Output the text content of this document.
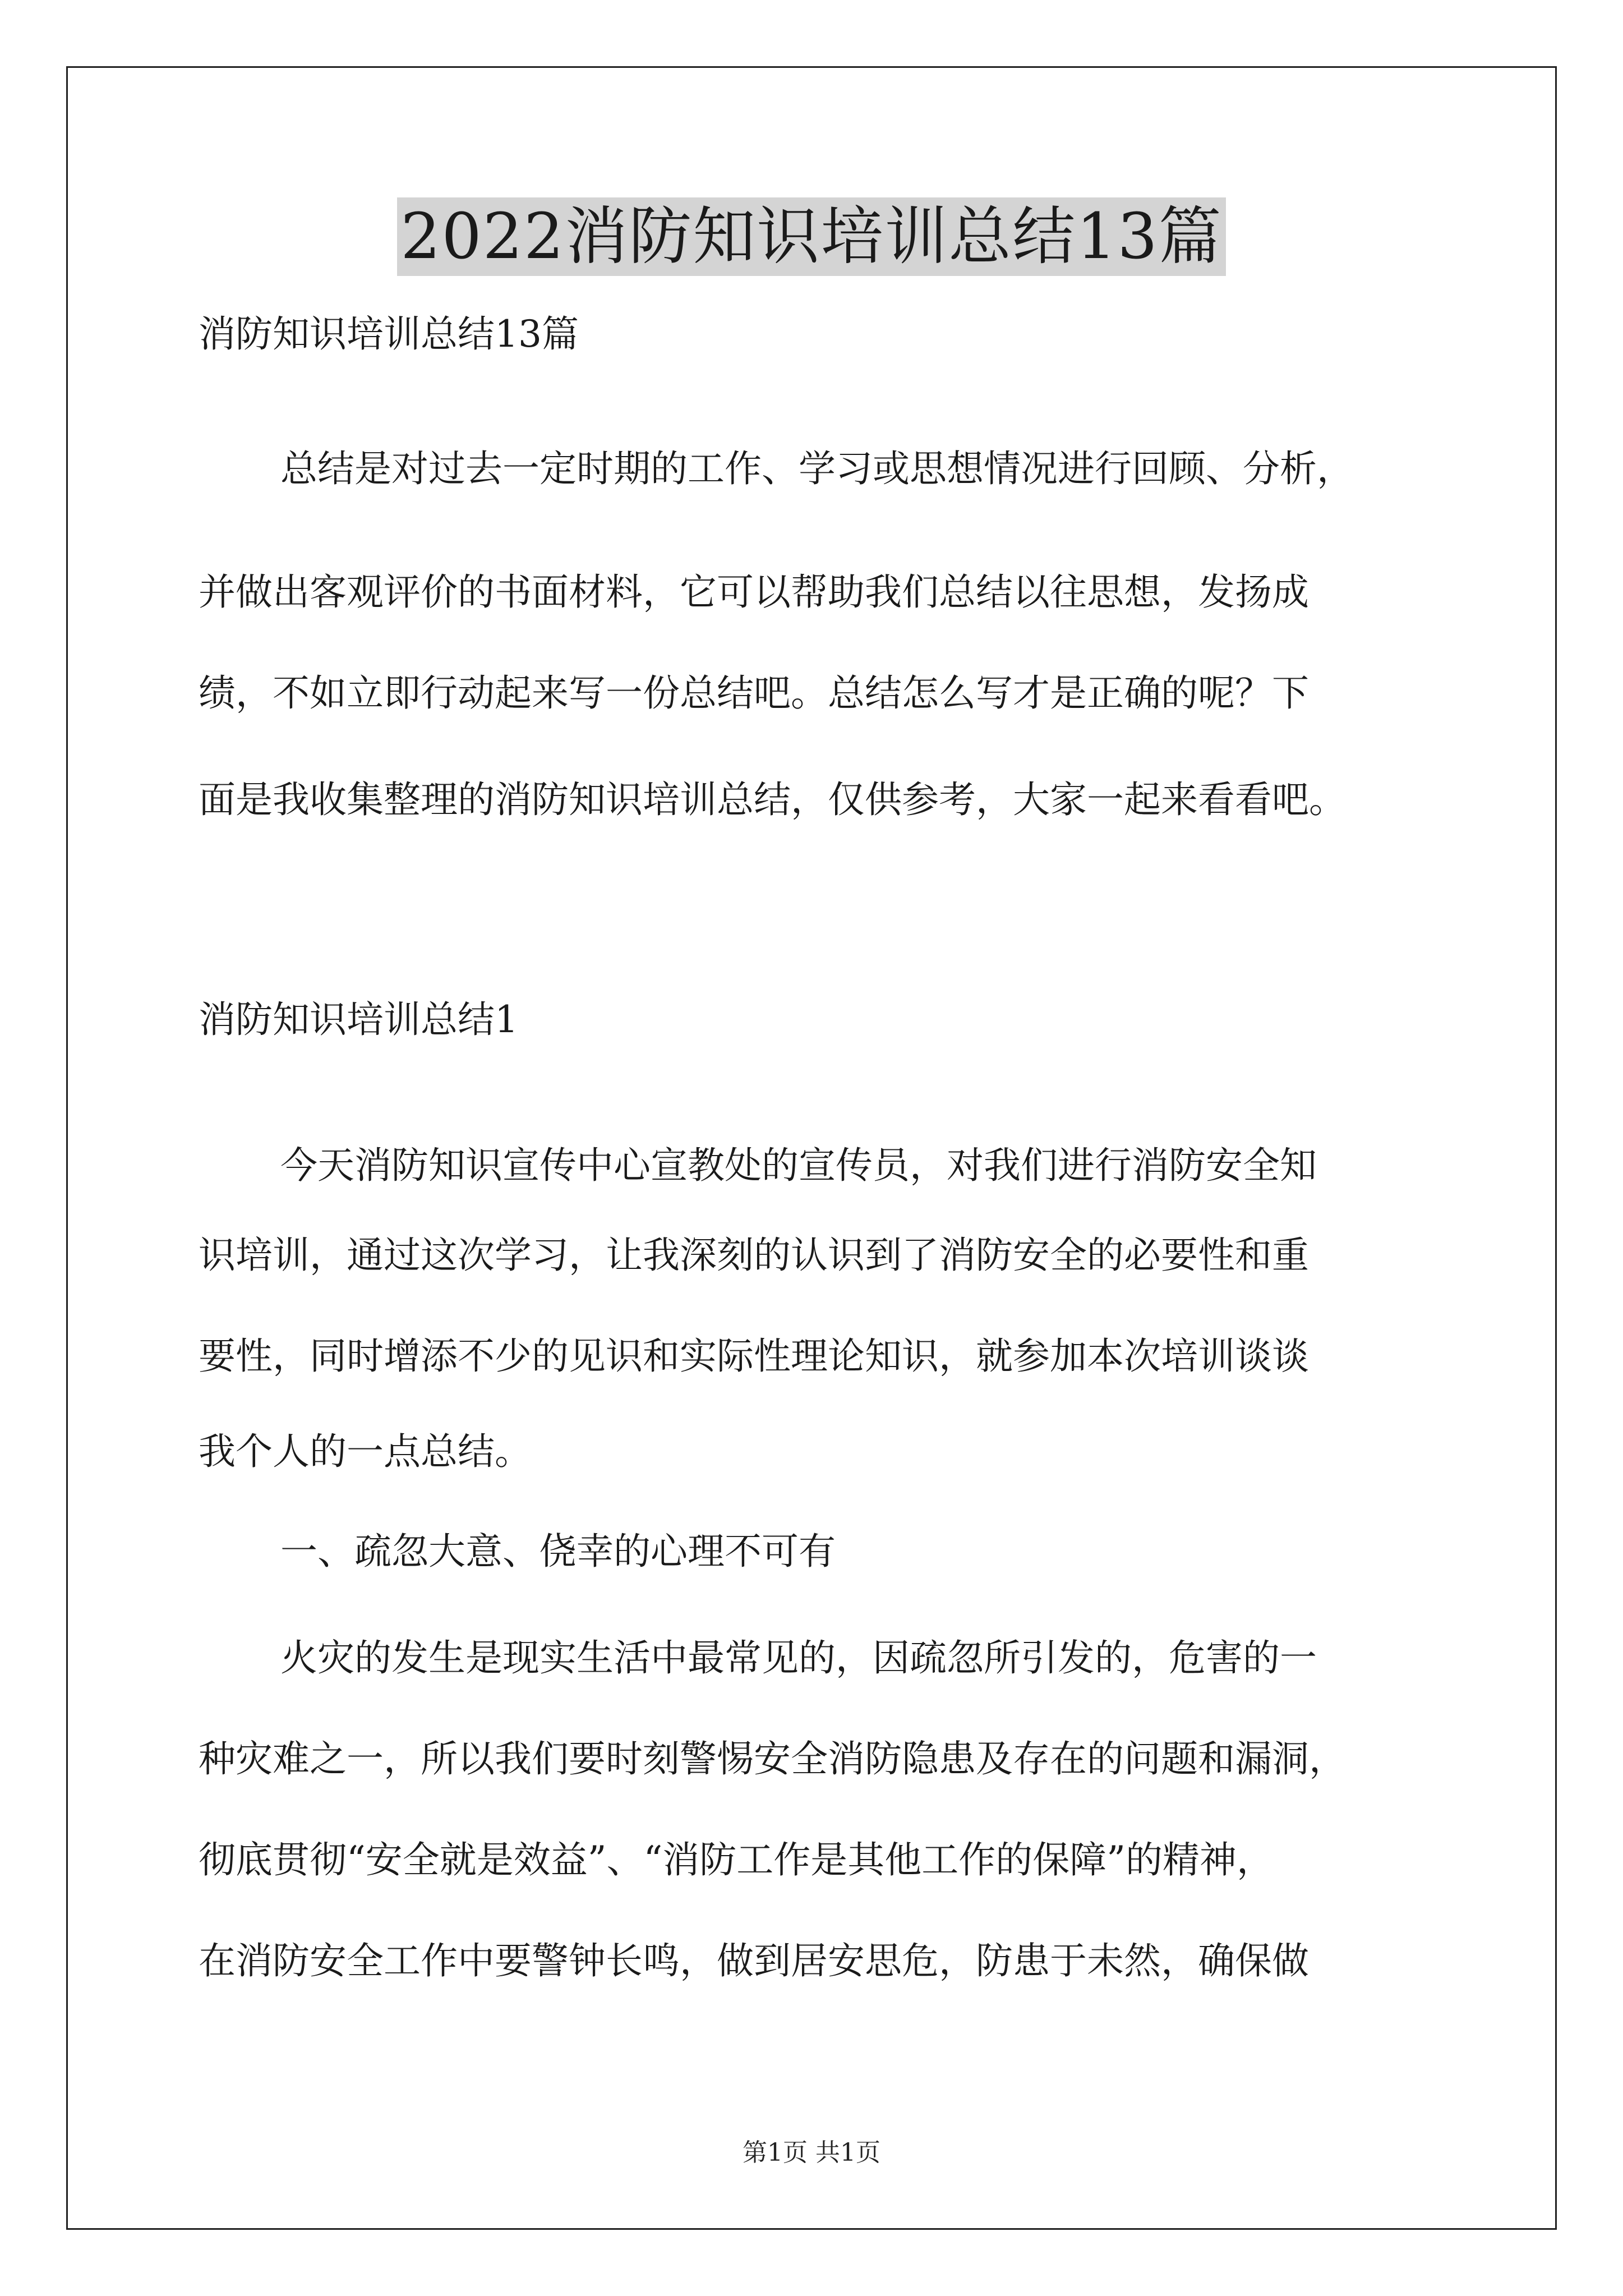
2022消防知识培训总结13篇
消防知识培训总结13篇
总结是对过去一定时期的工作、学习或思想情况进行回顾、分析，
并做出客观评价的书面材料，它可以帮助我们总结以往思想，发扬成
绩，不如立即行动起来写一份总结吧。总结怎么写才是正确的呢？下
面是我收集整理的消防知识培训总结，仅供参考，大家一起来看看吧。
消防知识培训总结1
今天消防知识宣传中心宣教处的宣传员，对我们进行消防安全知
识培训，通过这次学习，让我深刻的认识到了消防安全的必要性和重
要性，同时增添不少的见识和实际性理论知识，就参加本次培训谈谈
我个人的一点总结。
一、疏忽大意、侥幸的心理不可有
火灾的发生是现实生活中最常见的，因疏忽所引发的，危害的一
种灾难之一，所以我们要时刻警惕安全消防隐患及存在的问题和漏洞，
彻底贯彻“安全就是效益”、“消防工作是其他工作的保障”的精神，
在消防安全工作中要警钟长鸣，做到居安思危，防患于未然，确保做
第1页 共1页
